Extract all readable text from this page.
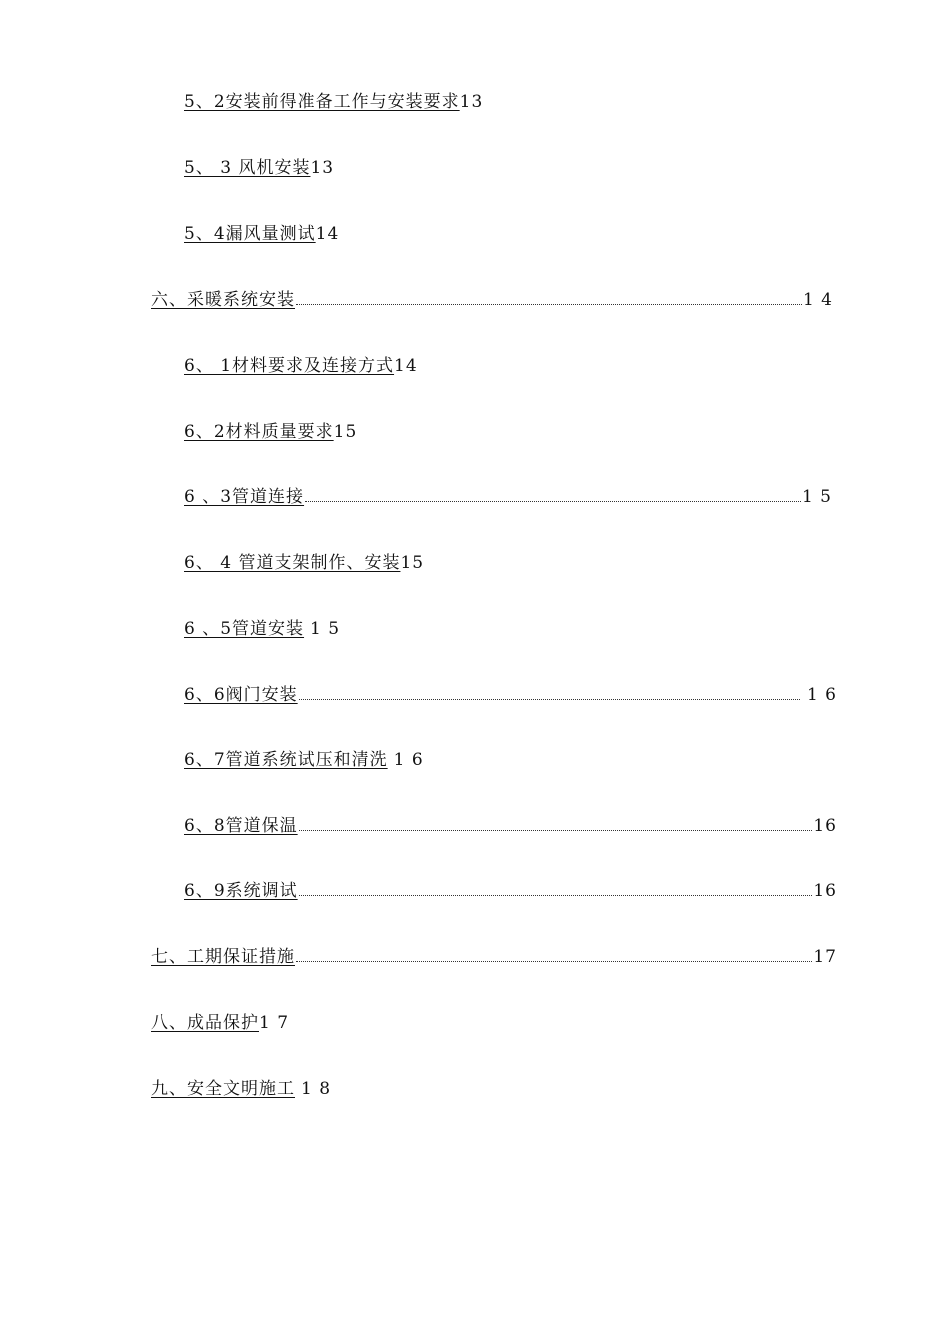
5、2安装前得准备工作与安装要求 13
5、 3 风机安装 13
5、4漏风量测试 14
六、采暖系统安装	1 4
6、 1材料要求及连接方式 14
6、2材料质量要求 15
6 、3管道连接	1 5
6、 4 管道支架制作、安装 15
6 、5管道安装 1 5
6、6阀门安装	1 6
6、7管道系统试压和清洗 1 6
6、8管道保温	16
6、9系统调试	16
七、工期保证措施	17
八、成品保护 1 7
九、安全文明施工 1 8
